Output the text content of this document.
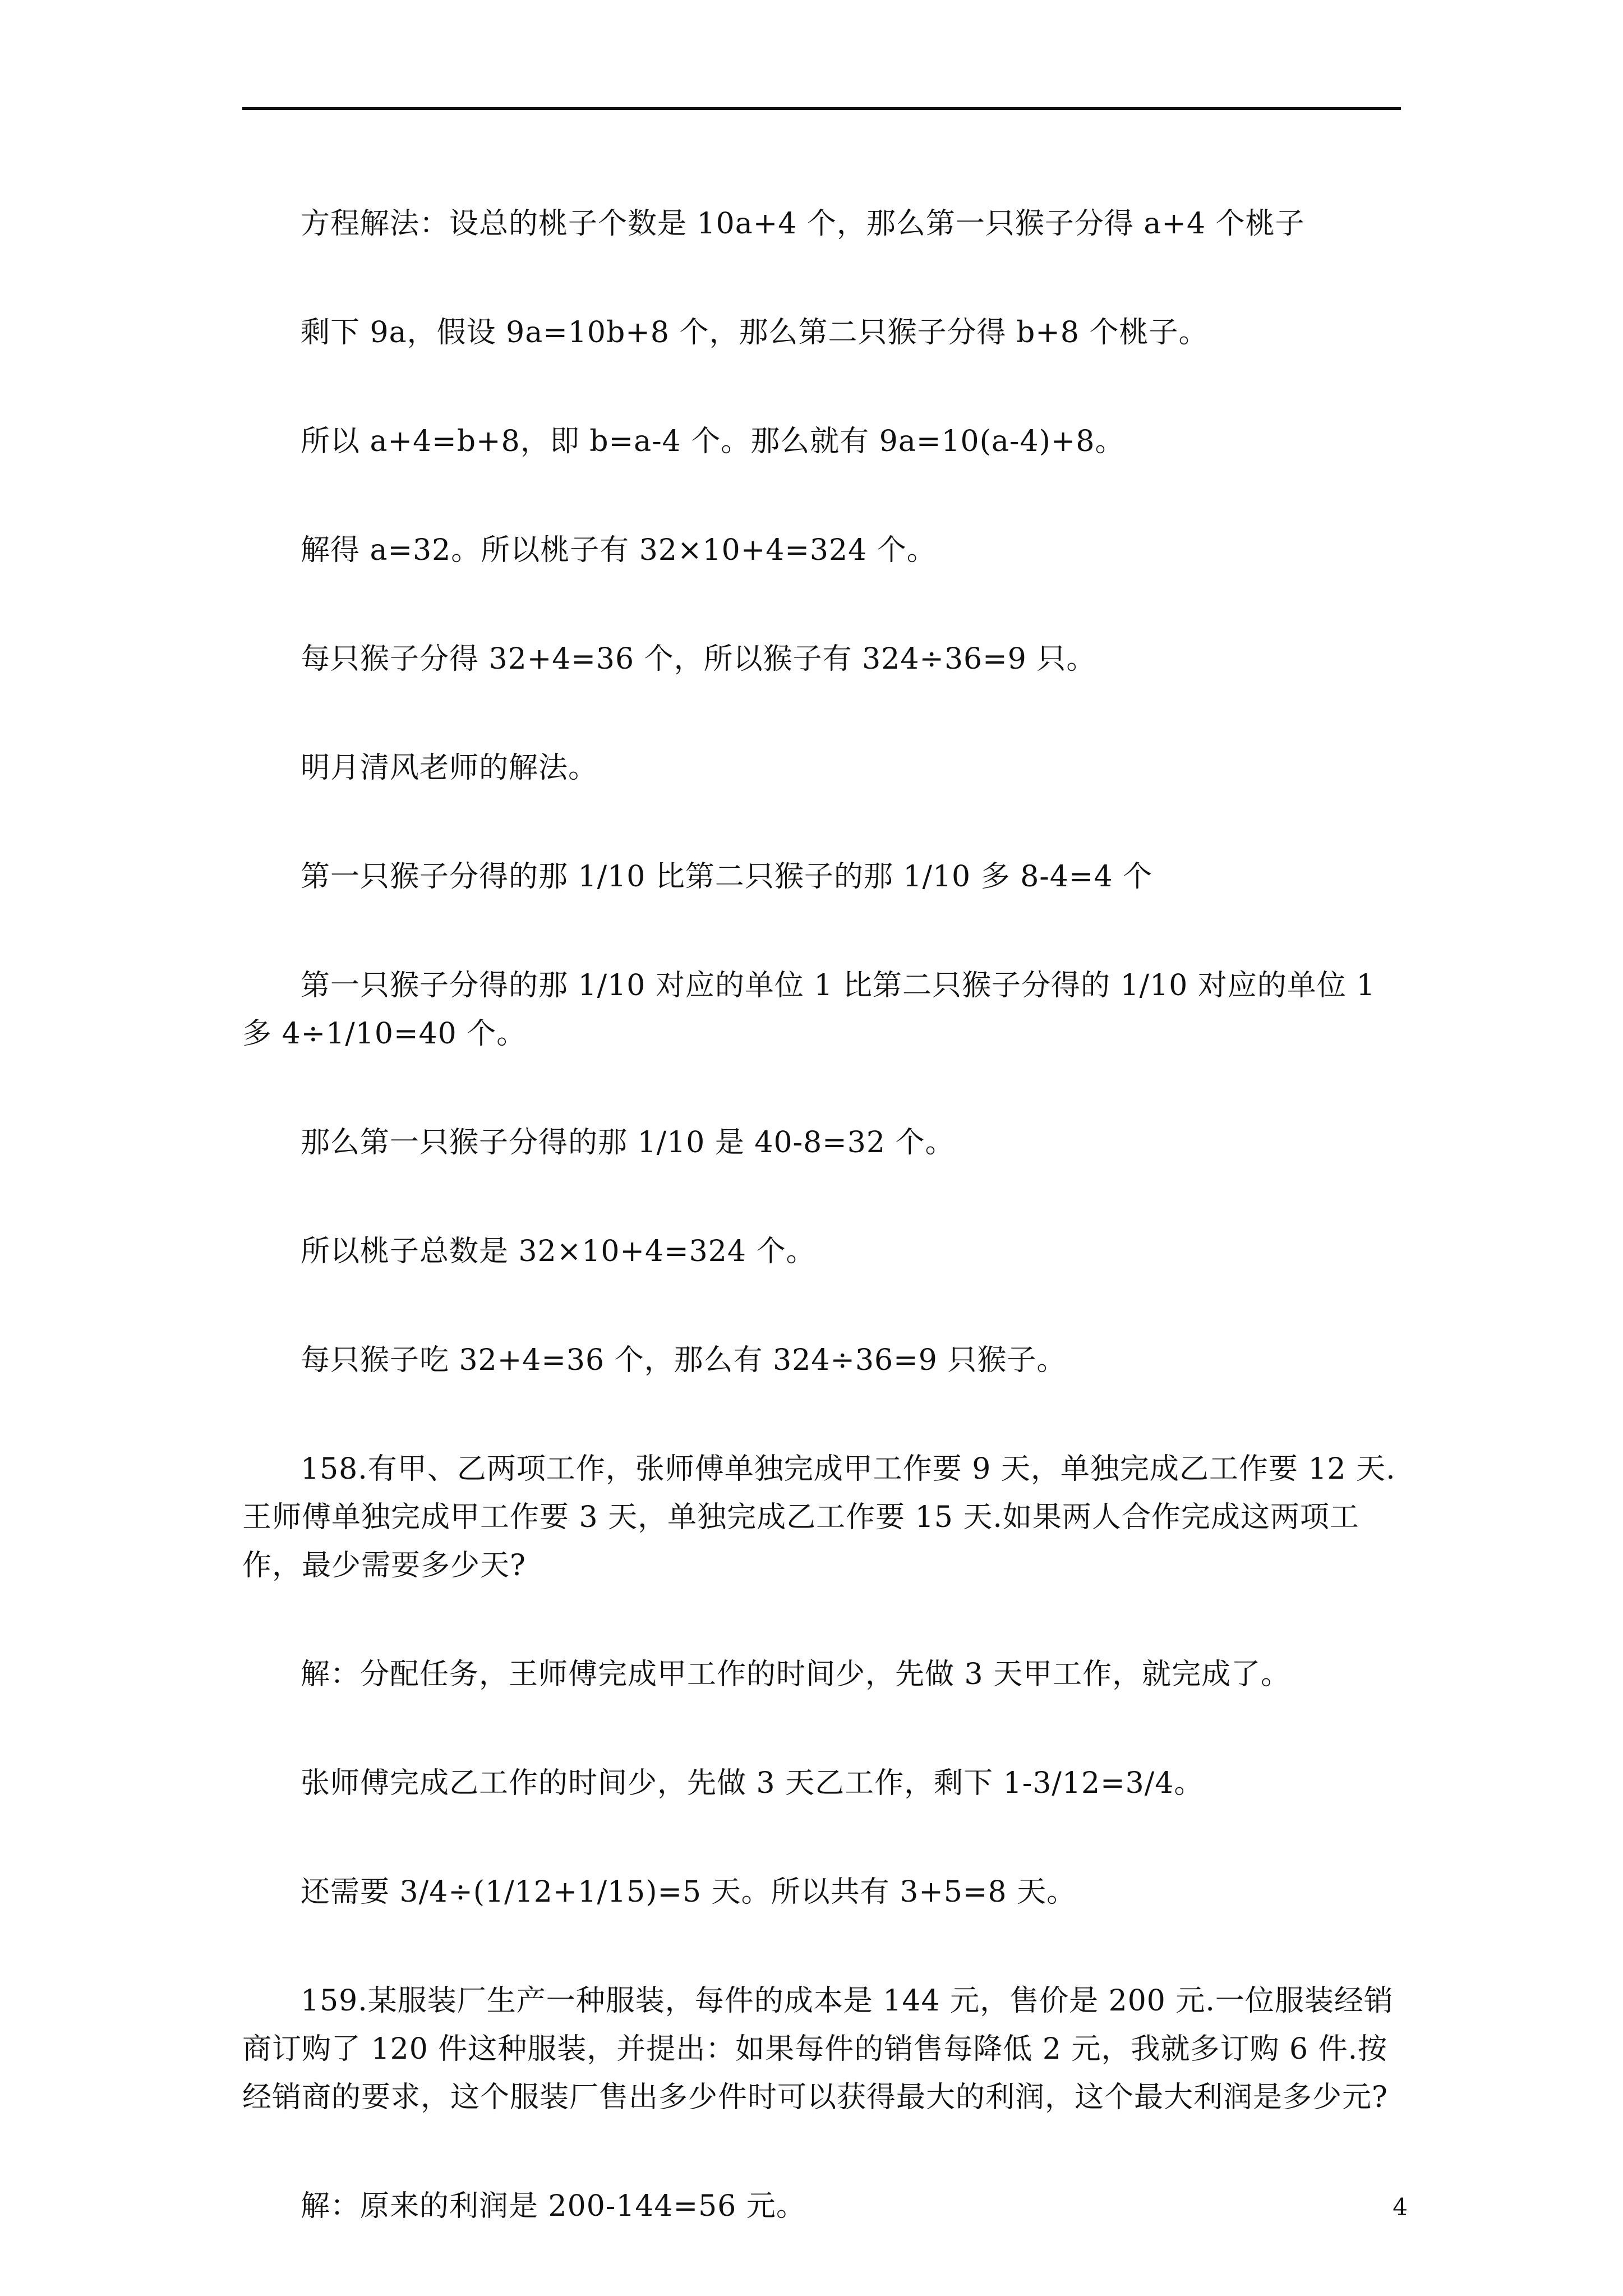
方程解法：设总的桃子个数是 10a+4 个，那么第一只猴子分得 a+4 个桃子

剩下 9a，假设 9a=10b+8 个，那么第二只猴子分得 b+8 个桃子。

所以 a+4=b+8，即 b=a-4 个。那么就有 9a=10(a-4)+8。

解得 a=32。所以桃子有 32×10+4=324 个。

每只猴子分得 32+4=36 个，所以猴子有 324÷36=9 只。

明月清风老师的解法。

第一只猴子分得的那 1/10 比第二只猴子的那 1/10 多 8-4=4 个

第一只猴子分得的那 1/10 对应的单位 1 比第二只猴子分得的 1/10 对应的单位 1 多 4÷1/10=40 个。

那么第一只猴子分得的那 1/10 是 40-8=32 个。

所以桃子总数是 32×10+4=324 个。

每只猴子吃 32+4=36 个，那么有 324÷36=9 只猴子。

158.有甲、乙两项工作，张师傅单独完成甲工作要 9 天，单独完成乙工作要 12 天.王师傅单独完成甲工作要 3 天，单独完成乙工作要 15 天.如果两人合作完成这两项工作，最少需要多少天?

解：分配任务，王师傅完成甲工作的时间少，先做 3 天甲工作，就完成了。

张师傅完成乙工作的时间少，先做 3 天乙工作，剩下 1-3/12=3/4。

还需要 3/4÷(1/12+1/15)=5 天。所以共有 3+5=8 天。

159.某服装厂生产一种服装，每件的成本是 144 元，售价是 200 元.一位服装经销商订购了 120 件这种服装，并提出：如果每件的销售每降低 2 元，我就多订购 6 件.按经销商的要求，这个服装厂售出多少件时可以获得最大的利润，这个最大利润是多少元?

解：原来的利润是 200-144=56 元。	4
